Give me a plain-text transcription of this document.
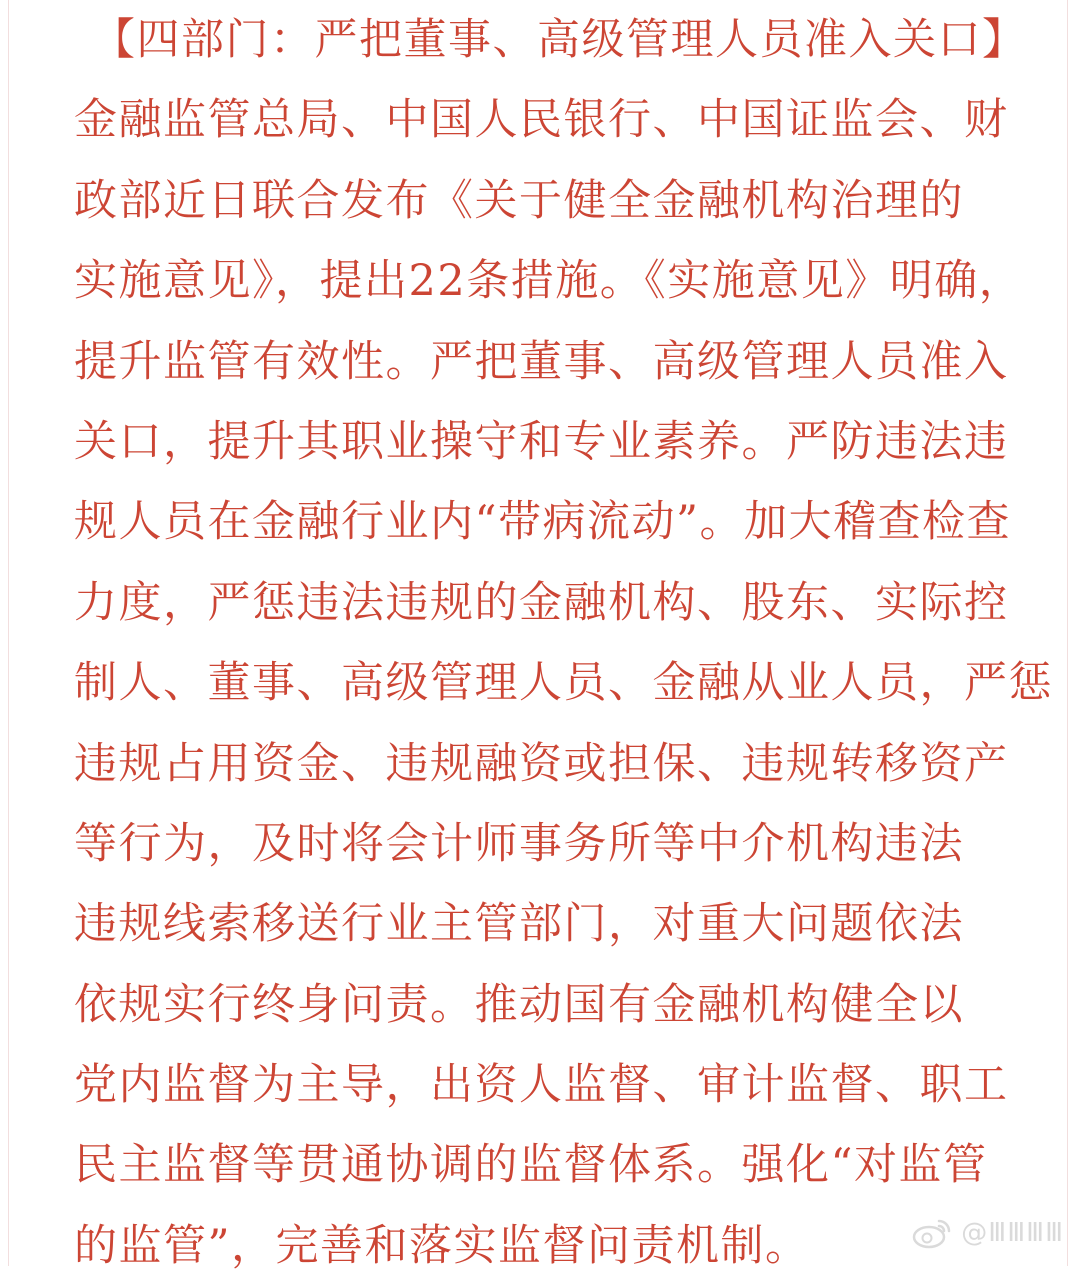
【四部门：严把董事、高级管理人员准入关口】
金融监管总局、中国人民银行、中国证监会、财
政部近日联合发布《关于健全金融机构治理的
实施意见》，提出22条措施。《实施意见》明确，
提升监管有效性。严把董事、高级管理人员准入
关口，提升其职业操守和专业素养。严防违法违
规人员在金融行业内“带病流动”。加大稽查检查
力度，严惩违法违规的金融机构、股东、实际控
制人、董事、高级管理人员、金融从业人员，严惩
违规占用资金、违规融资或担保、违规转移资产
等行为，及时将会计师事务所等中介机构违法
违规线索移送行业主管部门，对重大问题依法
依规实行终身问责。推动国有金融机构健全以
党内监督为主导，出资人监督、审计监督、职工
民主监督等贯通协调的监督体系。强化“对监管
的监管”，完善和落实监督问责机制。	@ⅢⅢⅢⅢ
